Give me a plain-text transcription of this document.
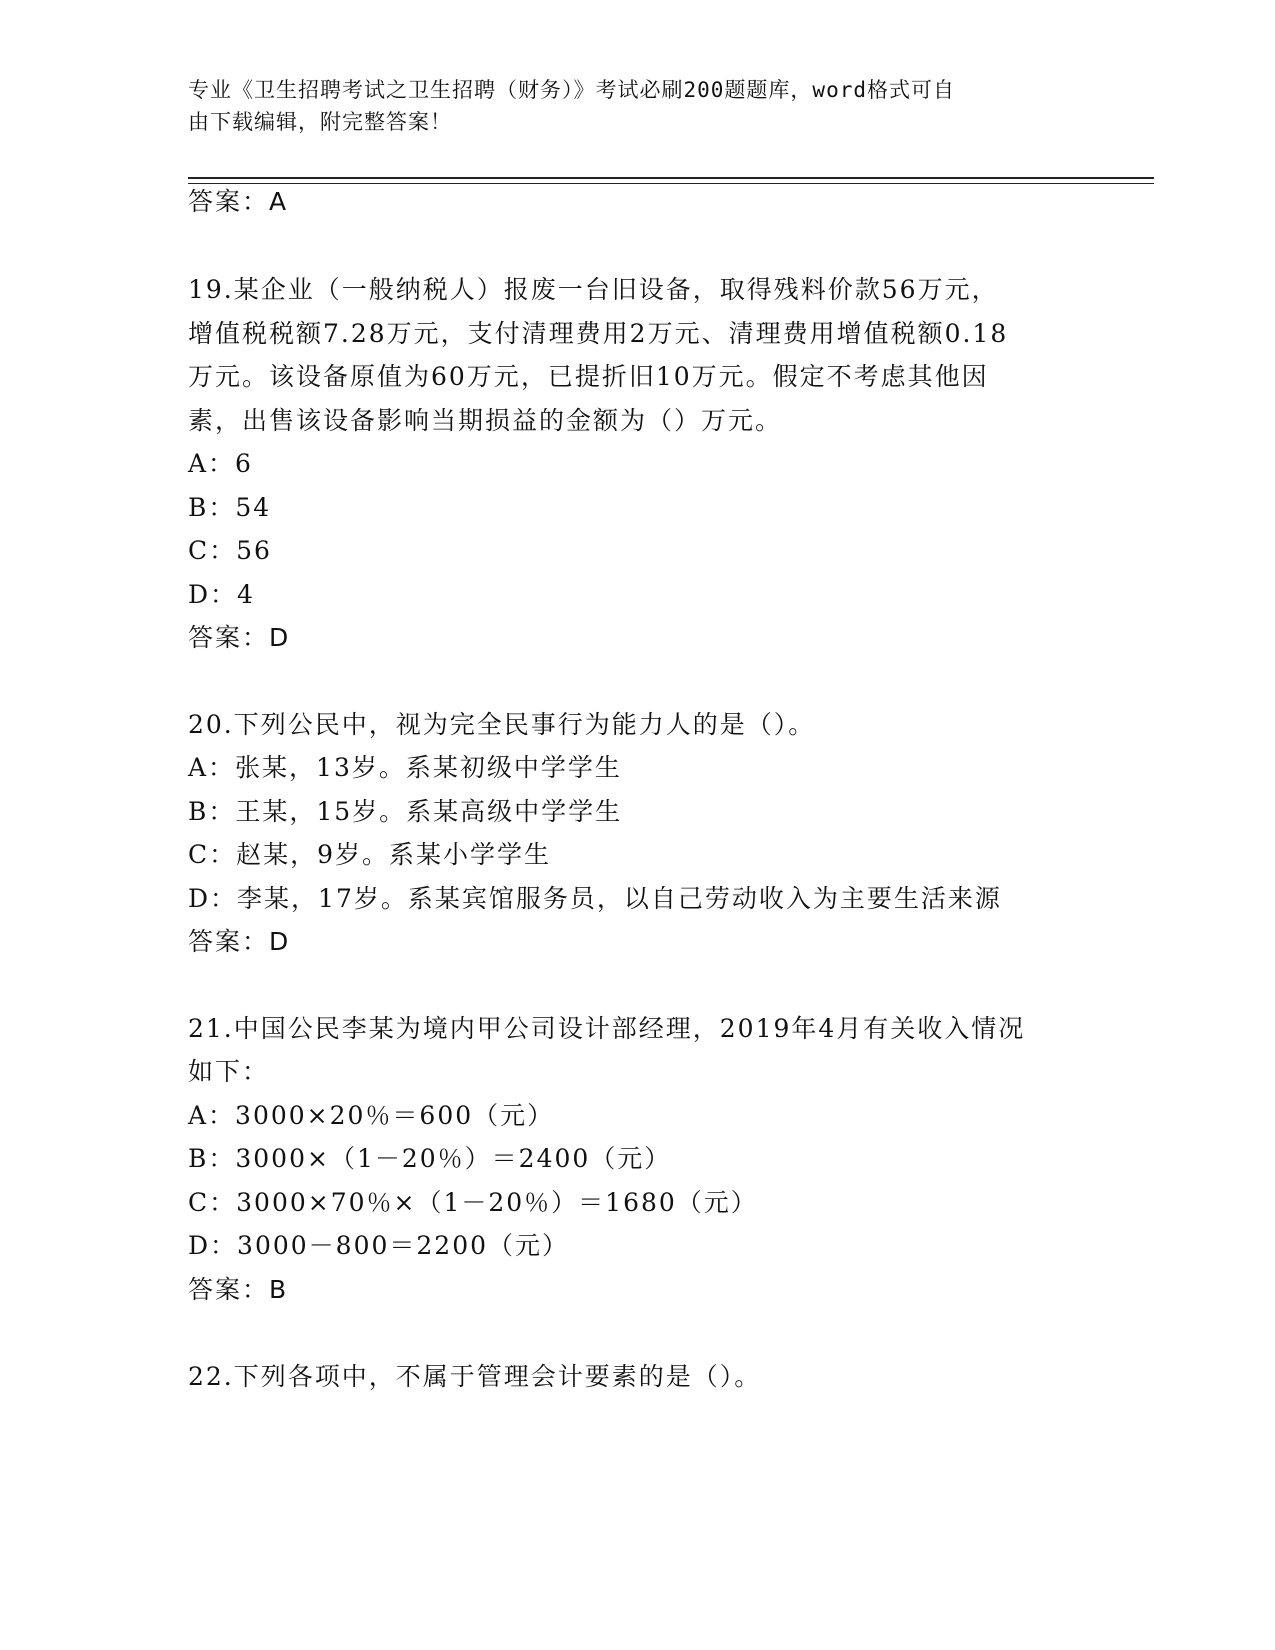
专业《卫生招聘考试之卫生招聘（财务）》考试必刷200题题库，word格式可自
由下载编辑，附完整答案！
答案：A
19.某企业（一般纳税人）报废一台旧设备，取得残料价款56万元，
增值税税额7.28万元，支付清理费用2万元、清理费用增值税额0.18
万元。该设备原值为60万元，已提折旧10万元。假定不考虑其他因
素，出售该设备影响当期损益的金额为（）万元。
A：6
B：54
C：56
D：4
答案：D
20.下列公民中，视为完全民事行为能力人的是（）。
A：张某，13岁。系某初级中学学生
B：王某，15岁。系某高级中学学生
C：赵某，9岁。系某小学学生
D：李某，17岁。系某宾馆服务员，以自己劳动收入为主要生活来源
答案：D
21.中国公民李某为境内甲公司设计部经理，2019年4月有关收入情况
如下：
A：3000×20％＝600（元）
B：3000×（1－20％）＝2400（元）
C：3000×70％×（1－20％）＝1680（元）
D：3000－800＝2200（元）
答案：B
22.下列各项中，不属于管理会计要素的是（）。
